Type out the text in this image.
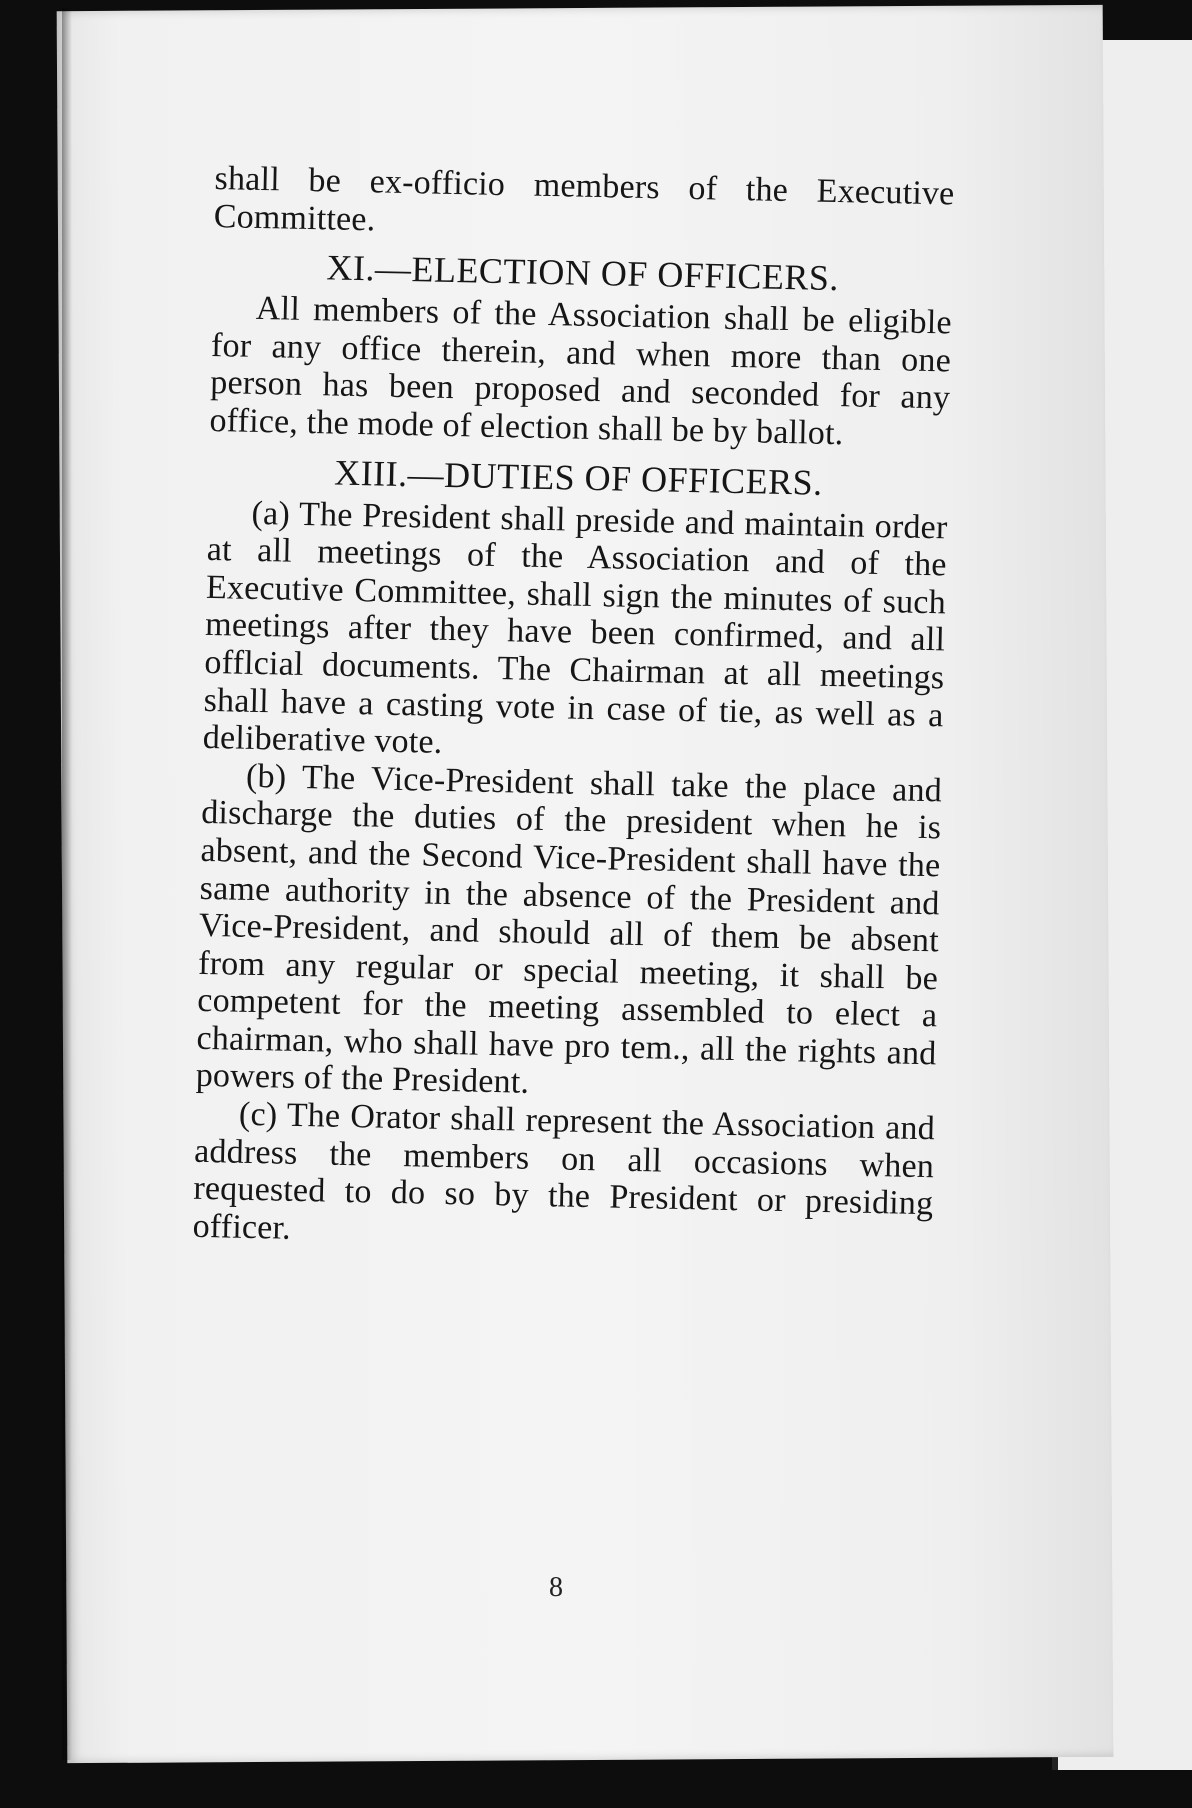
shall be ex-officio members of the Executive Committee.

XI.—ELECTION OF OFFICERS.

All members of the Association shall be eligible for any office therein, and when more than one person has been proposed and seconded for any office, the mode of election shall be by ballot.

XIII.—DUTIES OF OFFICERS.

(a) The President shall preside and maintain order at all meetings of the Association and of the Executive Committee, shall sign the minutes of such meetings after they have been confirmed, and all offlcial documents. The Chairman at all meetings shall have a casting vote in case of tie, as well as a deliberative vote.

(b) The Vice-President shall take the place and discharge the duties of the president when he is absent, and the Second Vice-President shall have the same authority in the absence of the President and Vice-President, and should all of them be absent from any regular or special meeting, it shall be competent for the meeting assembled to elect a chairman, who shall have pro tem., all the rights and powers of the President.

(c) The Orator shall represent the Association and address the members on all occasions when requested to do so by the President or presiding officer.

8
